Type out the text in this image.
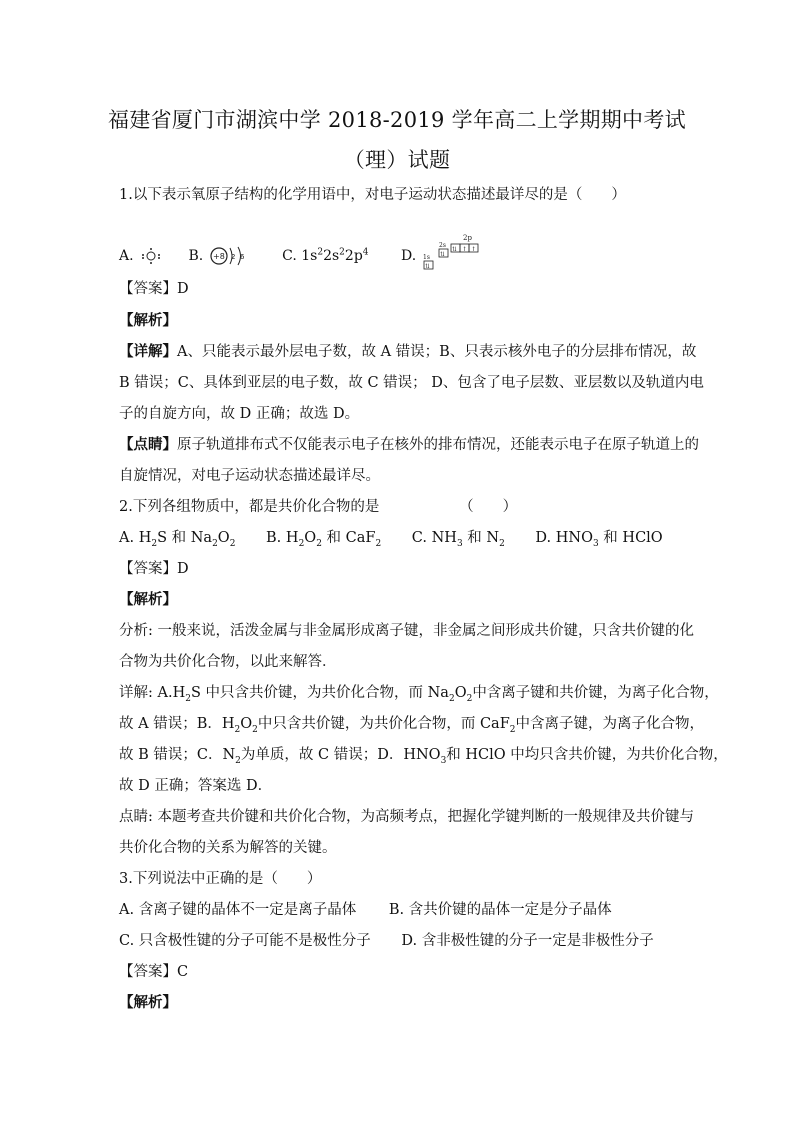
福建省厦门市湖滨中学 2018-2019 学年高二上学期期中考试
（理）试题
1.以下表示氧原子结构的化学用语中，对电子运动状态描述最详尽的是（　　）
A.	B. +8 2 6	C. $1s^22s^22p^4$ D.
2p
2s
⇅
⇅ ↑ ↑
1s
⇅
【答案】D
【解析】
【详解】A、只能表示最外层电子数，故 A 错误；B、只表示核外电子的分层排布情况，故
B 错误；C、具体到亚层的电子数，故 C 错误； D、包含了电子层数、亚层数以及轨道内电
子的自旋方向，故 D 正确；故选 D。
【点睛】原子轨道排布式不仅能表示电子在核外的排布情况，还能表示电子在原子轨道上的
自旋情况，对电子运动状态描述最详尽。
2.下列各组物质中，都是共价化合物的是　　　　　　（　　）
A. $H_2S$ 和 $Na_2O_2$ B. $H_2O_2$ 和 CaF$_2$ C. $NH_3$ 和 $N_2$ D. $HNO_3$ 和 HClO
【答案】D
【解析】
分析: 一般来说，活泼金属与非金属形成离子键，非金属之间形成共价键，只含共价键的化
合物为共价化合物，以此来解答．
详解: $A.H_2S$ 中只含共价键，为共价化合物，而 $Na_2O_2$中含离子键和共价键，为离子化合物，
故 A 错误；B．$H_2O_2$中只含共价键，为共价化合物，而 CaF$_2$中含离子键，为离子化合物，
故 B 错误；C．$N_2$为单质，故 C 错误；D．$HNO_3$和 HClO 中均只含共价键，为共价化合物，
故 D 正确；答案选 D．
点睛: 本题考查共价键和共价化合物，为高频考点，把握化学键判断的一般规律及共价键与
共价化合物的关系为解答的关键。
3.下列说法中正确的是（　　）
A. 含离子键的晶体不一定是离子晶体 B. 含共价键的晶体一定是分子晶体
C. 只含极性键的分子可能不是极性分子 D. 含非极性键的分子一定是非极性分子
【答案】C
【解析】
